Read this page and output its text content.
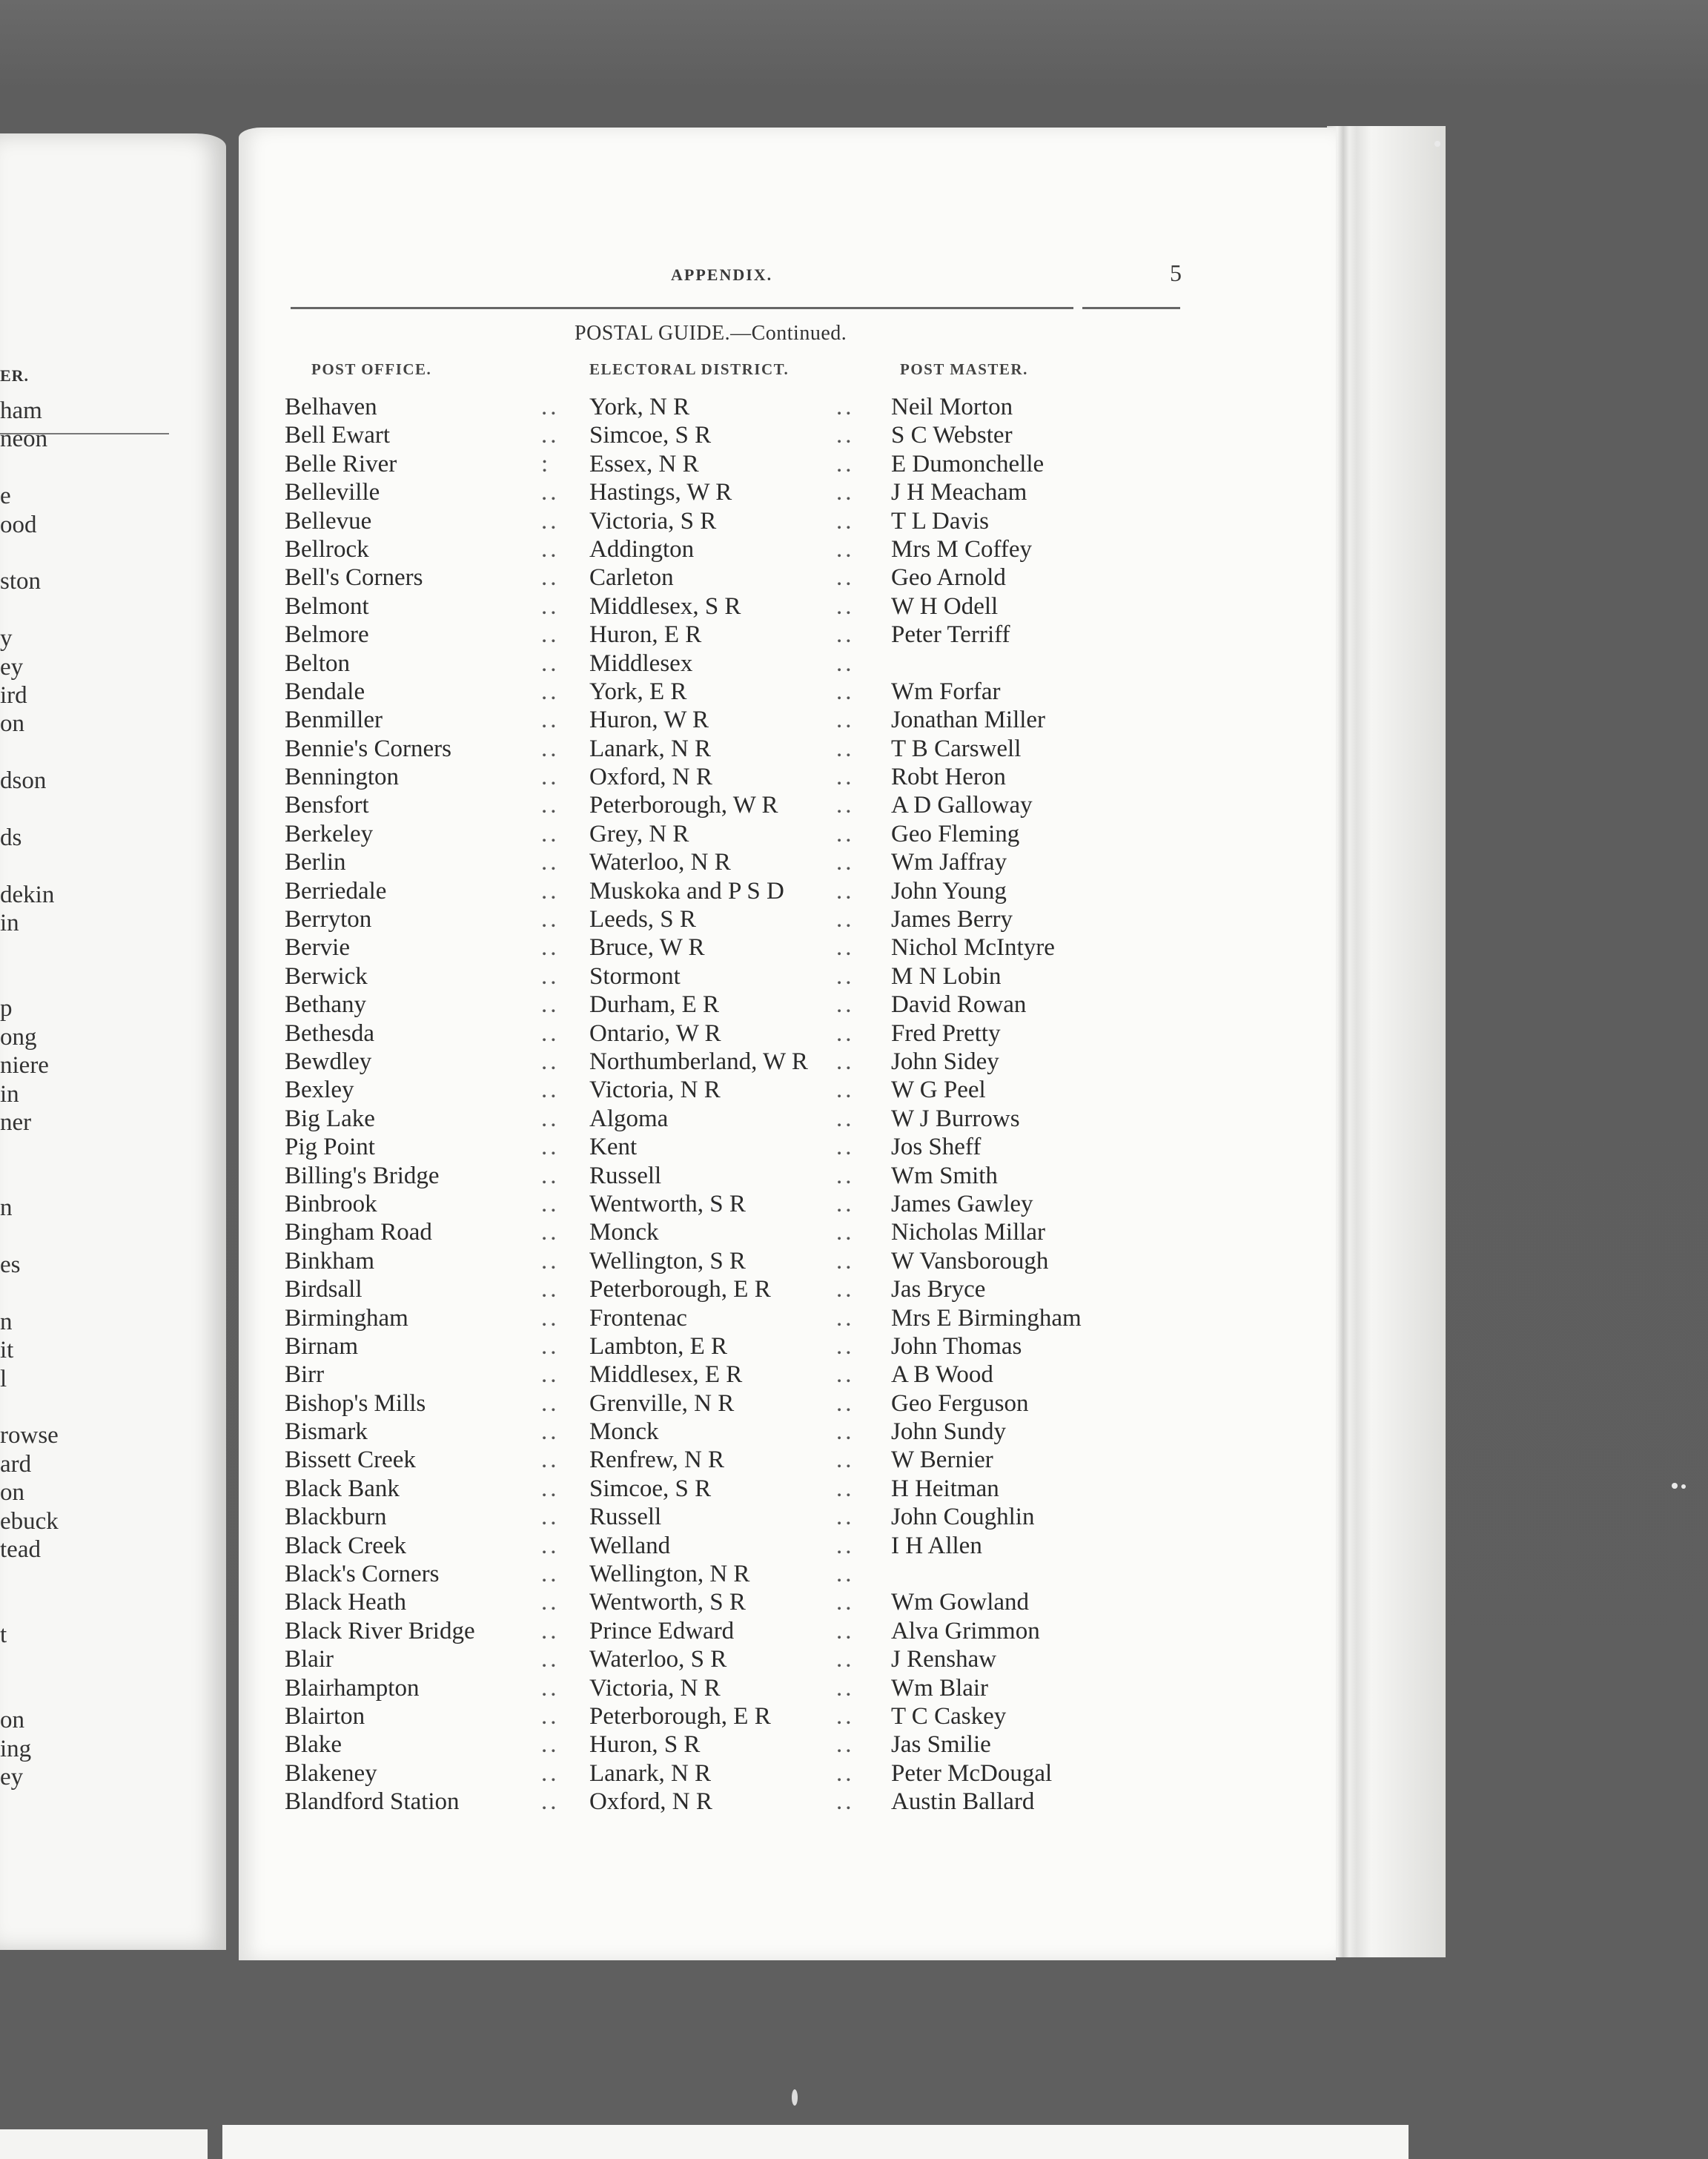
ER.
ham
neon
e
ood
ston
y
ey
ird
on
dson
ds
dekin
in
p
ong
niere
in
ner
n
es
n
it
l
rowse
ard
on
ebuck
tead
t
on
ing
ey
APPENDIX.	5
POSTAL GUIDE.—Continued.
POST OFFICE.	ELECTORAL DISTRICT.	POST MASTER.
Belhaven	.. York, N R	.. Neil Morton
Bell Ewart	.. Simcoe, S R	.. S C Webster
Belle River	: Essex, N R	.. E Dumonchelle
Belleville	.. Hastings, W R	.. J H Meacham
Bellevue	.. Victoria, S R	.. T L Davis
Bellrock	.. Addington	.. Mrs M Coffey
Bell's Corners	.. Carleton	.. Geo Arnold
Belmont	.. Middlesex, S R	.. W H Odell
Belmore	.. Huron, E R	.. Peter Terriff
Belton	.. Middlesex	..
Bendale	.. York, E R	.. Wm Forfar
Benmiller	.. Huron, W R	.. Jonathan Miller
Bennie's Corners	.. Lanark, N R	.. T B Carswell
Bennington	.. Oxford, N R	.. Robt Heron
Bensfort	.. Peterborough, W R .. A D Galloway
Berkeley	.. Grey, N R	.. Geo Fleming
Berlin	.. Waterloo, N R	.. Wm Jaffray
Berriedale	.. Muskoka and P S D .. John Young
Berryton	.. Leeds, S R	.. James Berry
Bervie	.. Bruce, W R	.. Nichol McIntyre
Berwick	.. Stormont	.. M N Lobin
Bethany	.. Durham, E R	.. David Rowan
Bethesda	.. Ontario, W R	.. Fred Pretty
Bewdley	.. Northumberland, W R .. John Sidey
Bexley	.. Victoria, N R	.. W G Peel
Big Lake	.. Algoma	.. W J Burrows
Pig Point	.. Kent	.. Jos Sheff
Billing's Bridge	.. Russell	.. Wm Smith
Binbrook	.. Wentworth, S R	.. James Gawley
Bingham Road	.. Monck	.. Nicholas Millar
Binkham	.. Wellington, S R	.. W Vansborough
Birdsall	.. Peterborough, E R	.. Jas Bryce
Birmingham	.. Frontenac	.. Mrs E Birmingham
Birnam	.. Lambton, E R	.. John Thomas
Birr	.. Middlesex, E R	.. A B Wood
Bishop's Mills	.. Grenville, N R	.. Geo Ferguson
Bismark	.. Monck	.. John Sundy
Bissett Creek	.. Renfrew, N R	.. W Bernier
Black Bank	.. Simcoe, S R	.. H Heitman
Blackburn	.. Russell	.. John Coughlin
Black Creek	.. Welland	.. I H Allen
Black's Corners	.. Wellington, N R	..
Black Heath	.. Wentworth, S R	.. Wm Gowland
Black River Bridge	.. Prince Edward	.. Alva Grimmon
Blair	.. Waterloo, S R	.. J Renshaw
Blairhampton	.. Victoria, N R	.. Wm Blair
Blairton	.. Peterborough, E R	.. T C Caskey
Blake	.. Huron, S R	.. Jas Smilie
Blakeney	.. Lanark, N R	.. Peter McDougal
Blandford Station	.. Oxford, N R	.. Austin Ballard
